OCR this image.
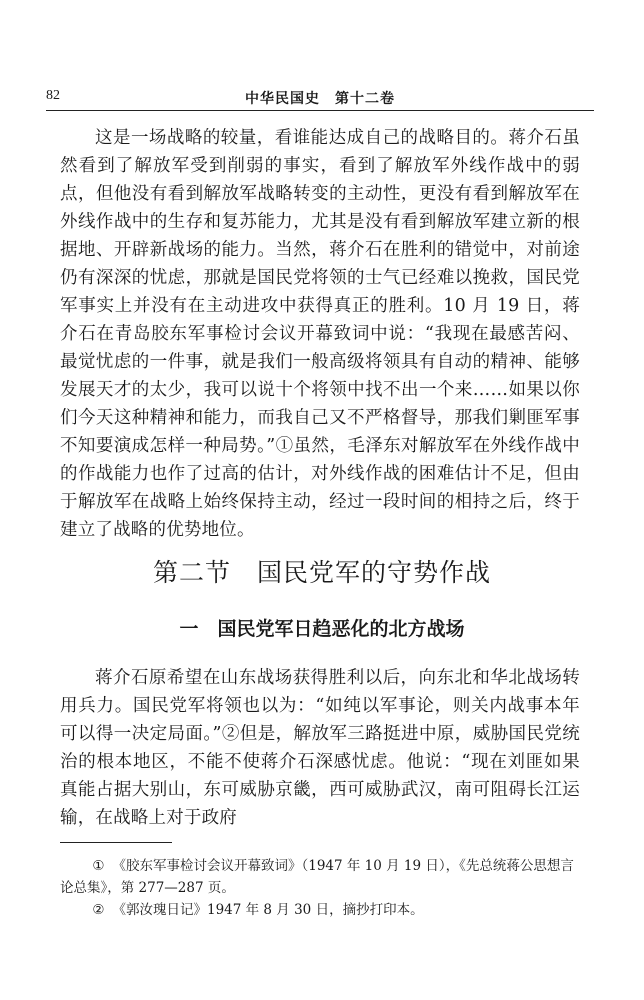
82	中华民国史　第十二卷

这是一场战略的较量，看谁能达成自己的战略目的。蒋介石虽然看到了解放军受到削弱的事实，看到了解放军外线作战中的弱点，但他没有看到解放军战略转变的主动性，更没有看到解放军在外线作战中的生存和复苏能力，尤其是没有看到解放军建立新的根据地、开辟新战场的能力。当然，蒋介石在胜利的错觉中，对前途仍有深深的忧虑，那就是国民党将领的士气已经难以挽救，国民党军事实上并没有在主动进攻中获得真正的胜利。10 月 19 日，蒋介石在青岛胶东军事检讨会议开幕致词中说：“我现在最感苦闷、最觉忧虑的一件事，就是我们一般高级将领具有自动的精神、能够发展天才的太少，我可以说十个将领中找不出一个来……如果以你们今天这种精神和能力，而我自己又不严格督导，那我们剿匪军事不知要演成怎样一种局势。”①虽然，毛泽东对解放军在外线作战中的作战能力也作了过高的估计，对外线作战的困难估计不足，但由于解放军在战略上始终保持主动，经过一段时间的相持之后，终于建立了战略的优势地位。

第二节　国民党军的守势作战
一　国民党军日趋恶化的北方战场

蒋介石原希望在山东战场获得胜利以后，向东北和华北战场转用兵力。国民党军将领也以为：“如纯以军事论，则关内战事本年可以得一决定局面。”②但是，解放军三路挺进中原，威胁国民党统治的根本地区，不能不使蒋介石深感忧虑。他说：“现在刘匪如果真能占据大别山，东可威胁京畿，西可威胁武汉，南可阻碍长江运输，在战略上对于政府

① 《胶东军事检讨会议开幕致词》（1947 年 10 月 19 日），《先总统蒋公思想言论总集》，第 277—287 页。

② 《郭汝瑰日记》1947 年 8 月 30 日，摘抄打印本。
